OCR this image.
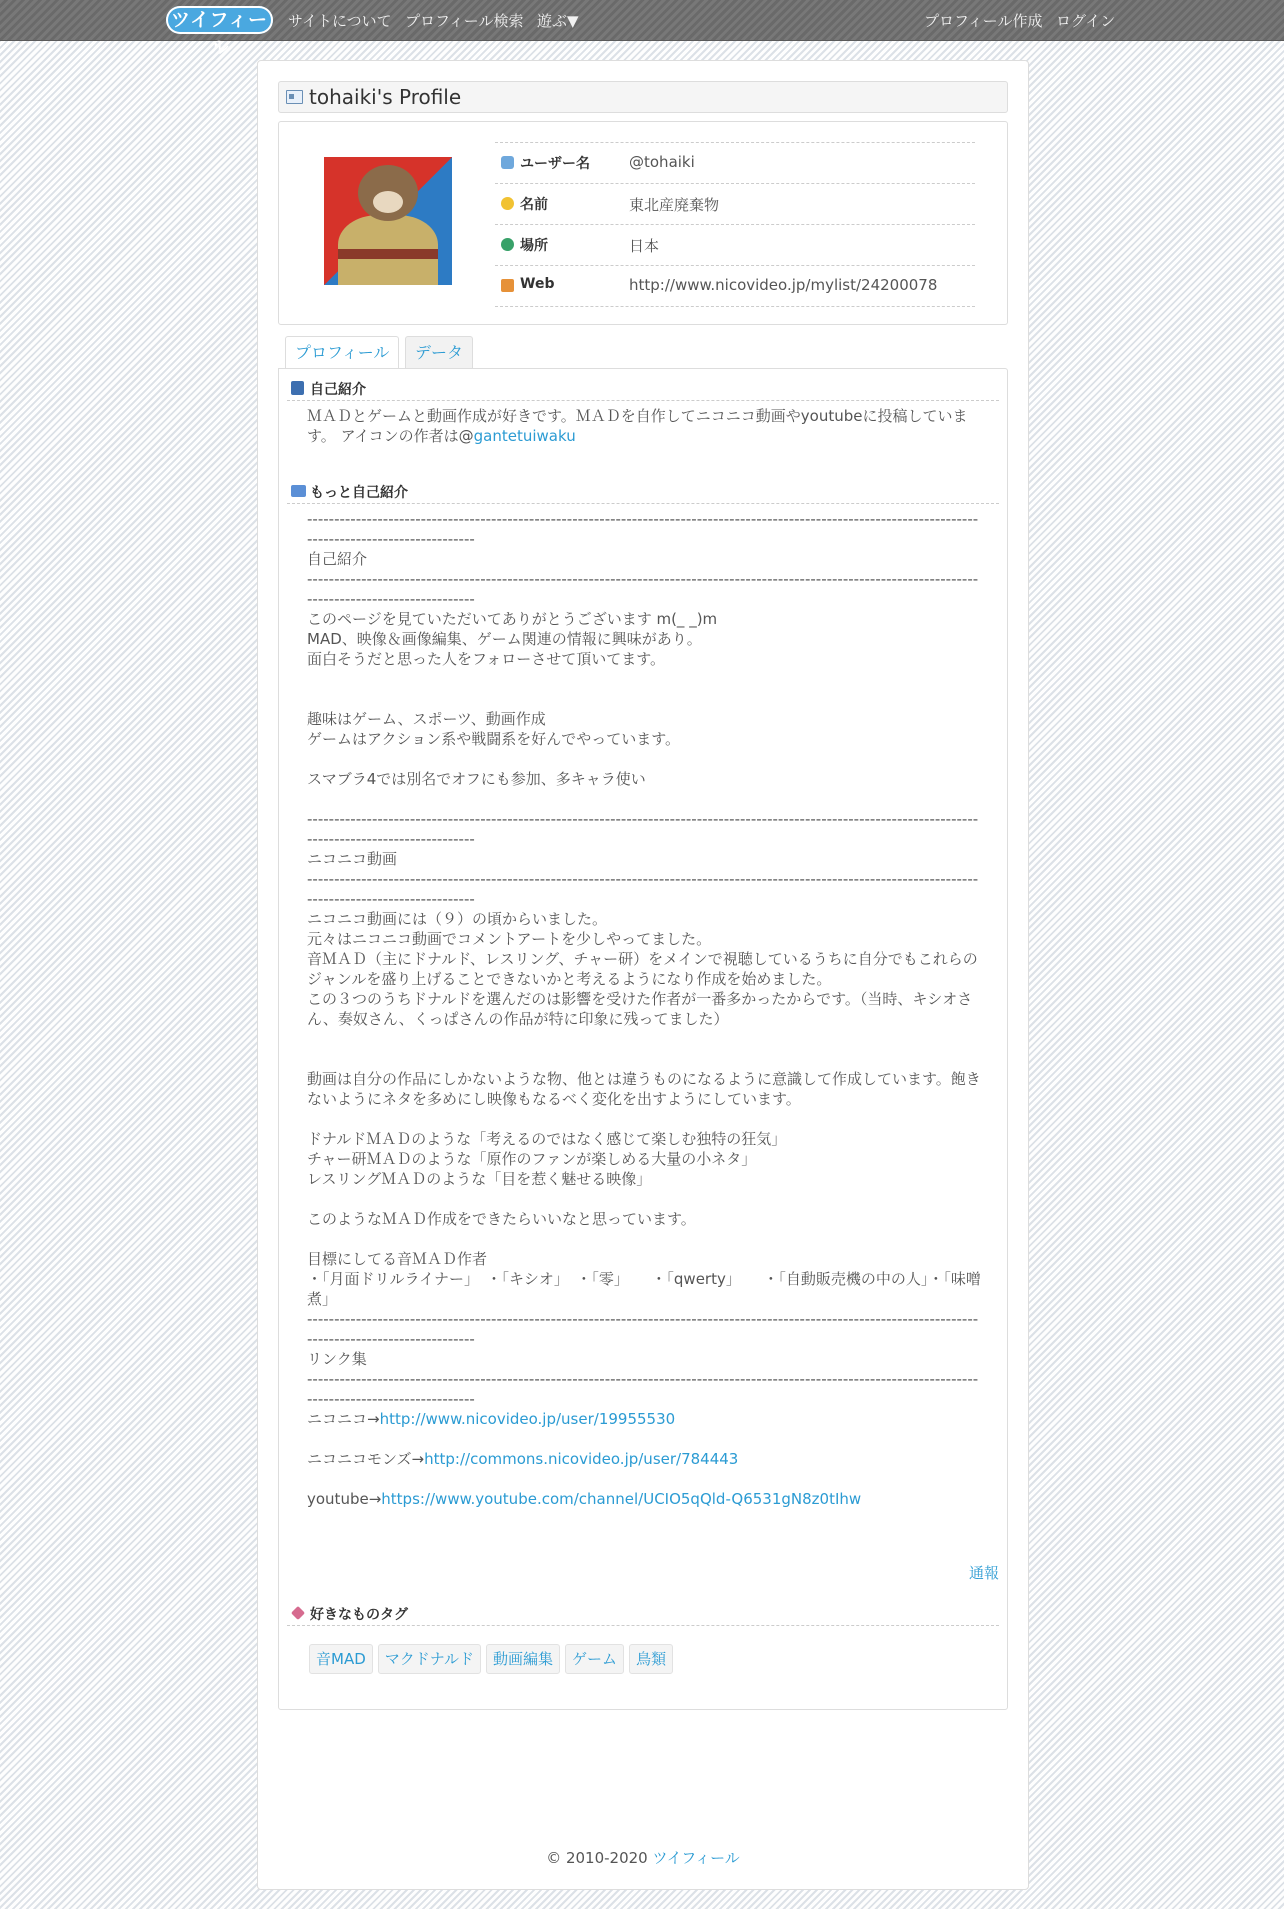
ツイフィール
サイトについて プロフィール検索 遊ぶ▼	プロフィール作成 ログイン
tohaiki's Profile
ユーザー名	@tohaiki
名前	東北産廃棄物
場所	日本
Web	http://www.nicovideo.jp/mylist/24200078
プロフィール	データ
自己紹介

ＭＡＤとゲームと動画作成が好きです。ＭＡＤを自作してニコニコ動画やyoutubeに投稿しています。 アイコンの作者は@gantetuiwaku

もっと自己紹介
-----------------------------------------------------------------------------------------------------------------------------------------------------------
自己紹介
-----------------------------------------------------------------------------------------------------------------------------------------------------------
このページを見ていただいてありがとうございます m(_ _)m
MAD、映像＆画像編集、ゲーム関連の情報に興味があり。
面白そうだと思った人をフォローさせて頂いてます。

趣味はゲーム、スポーツ、動画作成
ゲームはアクション系や戦闘系を好んでやっています。

スマブラ4では別名でオフにも参加、多キャラ使い

-----------------------------------------------------------------------------------------------------------------------------------------------------------
ニコニコ動画
-----------------------------------------------------------------------------------------------------------------------------------------------------------
ニコニコ動画には（９）の頃からいました。
元々はニコニコ動画でコメントアートを少しやってました。
音ＭＡＤ（主にドナルド、レスリング、チャー研）をメインで視聴しているうちに自分でもこれらのジャンルを盛り上げることできないかと考えるようになり作成を始めました。
この３つのうちドナルドを選んだのは影響を受けた作者が一番多かったからです。（当時、キシオさん、奏奴さん、くっぱさんの作品が特に印象に残ってました）

動画は自分の作品にしかないような物、他とは違うものになるように意識して作成しています。飽きないようにネタを多めにし映像もなるべく変化を出すようにしています。

ドナルドＭＡＤのような「考えるのではなく感じて楽しむ独特の狂気」
チャー研ＭＡＤのような「原作のファンが楽しめる大量の小ネタ」
レスリングＭＡＤのような「目を惹く魅せる映像」

このようなＭＡＤ作成をできたらいいなと思っています。

目標にしてる音ＭＡＤ作者
・「月面ドリルライナー」　・「キシオ」　・「零」　　・「qwerty」　　・「自動販売機の中の人」・「味噌煮」
-----------------------------------------------------------------------------------------------------------------------------------------------------------
リンク集
-----------------------------------------------------------------------------------------------------------------------------------------------------------

ニコニコ→http://www.nicovideo.jp/user/19955530
ニコニコモンズ→http://commons.nicovideo.jp/user/784443
youtube→https://www.youtube.com/channel/UCIO5qQld-Q6531gN8z0tIhw
通報
好きなものタグ
音MAD マクドナルド 動画編集 ゲーム 鳥類
© 2010-2020 ツイフィール
